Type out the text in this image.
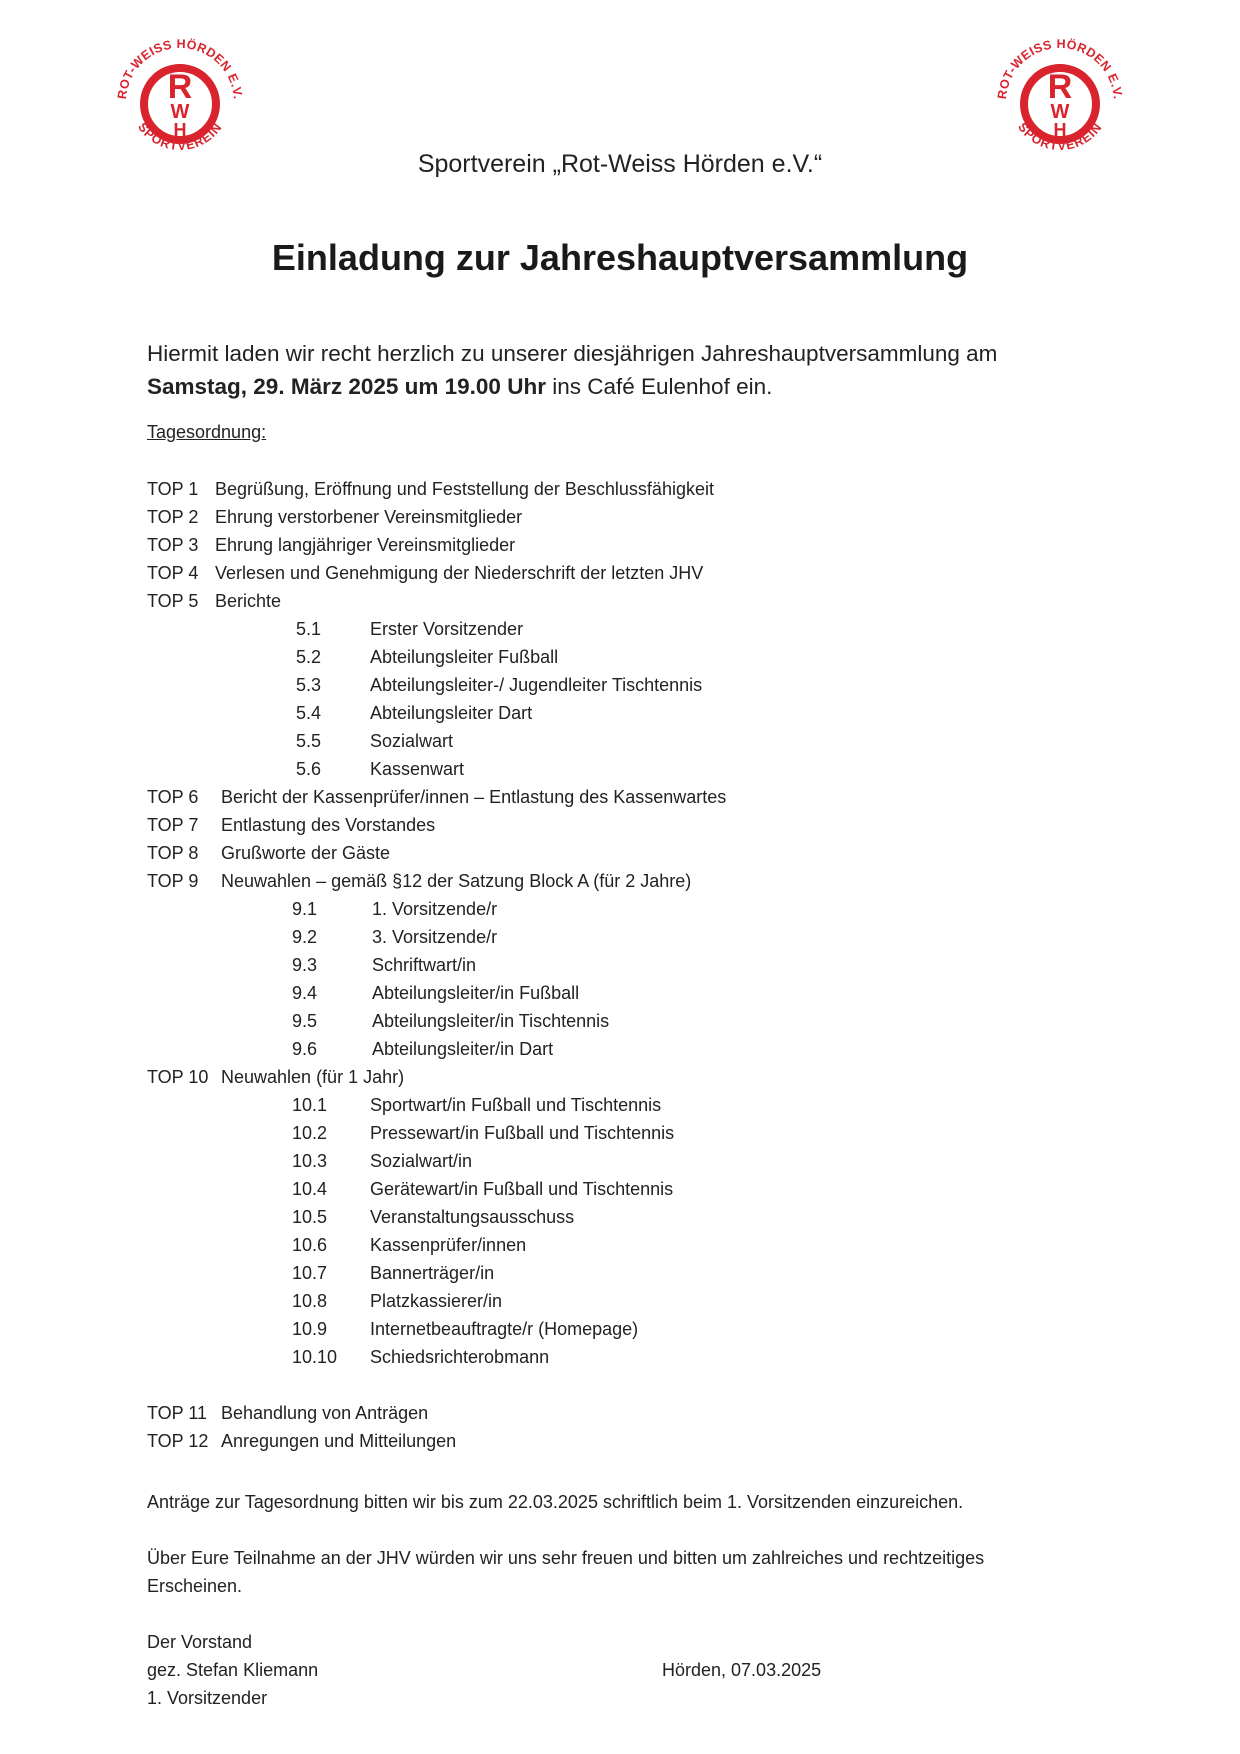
ROT-WEISS HÖRDEN E.V.
SPORTVEREIN
R
W
H
ROT-WEISS HÖRDEN E.V.
SPORTVEREIN
R
W
H
Sportverein „Rot-Weiss Hörden e.V.“
Einladung zur Jahreshauptversammlung
Hiermit laden wir recht herzlich zu unserer diesjährigen Jahreshauptversammlung am
Samstag, 29. März 2025 um 19.00 Uhr ins Café Eulenhof ein.
Tagesordnung:
TOP 1 Begrüßung, Eröffnung und Feststellung der Beschlussfähigkeit
TOP 2 Ehrung verstorbener Vereinsmitglieder
TOP 3 Ehrung langjähriger Vereinsmitglieder
TOP 4 Verlesen und Genehmigung der Niederschrift der letzten JHV
TOP 5 Berichte
5.1	Erster Vorsitzender
5.2	Abteilungsleiter Fußball
5.3	Abteilungsleiter-/ Jugendleiter Tischtennis
5.4	Abteilungsleiter Dart
5.5	Sozialwart
5.6	Kassenwart
TOP 6 Bericht der Kassenprüfer/innen – Entlastung des Kassenwartes
TOP 7 Entlastung des Vorstandes
TOP 8 Grußworte der Gäste
TOP 9 Neuwahlen – gemäß §12 der Satzung Block A (für 2 Jahre)
9.1	1. Vorsitzende/r
9.2	3. Vorsitzende/r
9.3	Schriftwart/in
9.4	Abteilungsleiter/in Fußball
9.5	Abteilungsleiter/in Tischtennis
9.6	Abteilungsleiter/in Dart
TOP 10 Neuwahlen (für 1 Jahr)
10.1 Sportwart/in Fußball und Tischtennis
10.2 Pressewart/in Fußball und Tischtennis
10.3 Sozialwart/in
10.4 Gerätewart/in Fußball und Tischtennis
10.5 Veranstaltungsausschuss
10.6 Kassenprüfer/innen
10.7 Bannerträger/in
10.8 Platzkassierer/in
10.9 Internetbeauftragte/r (Homepage)
10.10 Schiedsrichterobmann
TOP 11 Behandlung von Anträgen
TOP 12 Anregungen und Mitteilungen
Anträge zur Tagesordnung bitten wir bis zum 22.03.2025 schriftlich beim 1. Vorsitzenden einzureichen.
Über Eure Teilnahme an der JHV würden wir uns sehr freuen und bitten um zahlreiches und rechtzeitiges
Erscheinen.
Der Vorstand
gez. Stefan Kliemann
1. Vorsitzender
Hörden, 07.03.2025
